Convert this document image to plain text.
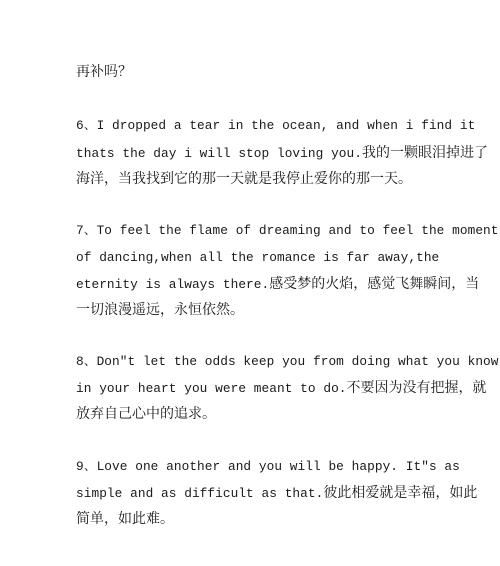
再补吗？
6、I dropped a tear in the ocean, and when i find it
thats the day i will stop loving you.我的一颗眼泪掉进了
海洋，当我找到它的那一天就是我停止爱你的那一天。
7、To feel the flame of dreaming and to feel the moment
of dancing,when all the romance is far away,the
eternity is always there.感受梦的火焰，感觉飞舞瞬间，当
一切浪漫遥远，永恒依然。
8、Don"t let the odds keep you from doing what you know
in your heart you were meant to do.不要因为没有把握，就
放弃自己心中的追求。
9、Love one another and you will be happy. It"s as
simple and as difficult as that.彼此相爱就是幸福，如此
简单，如此难。
